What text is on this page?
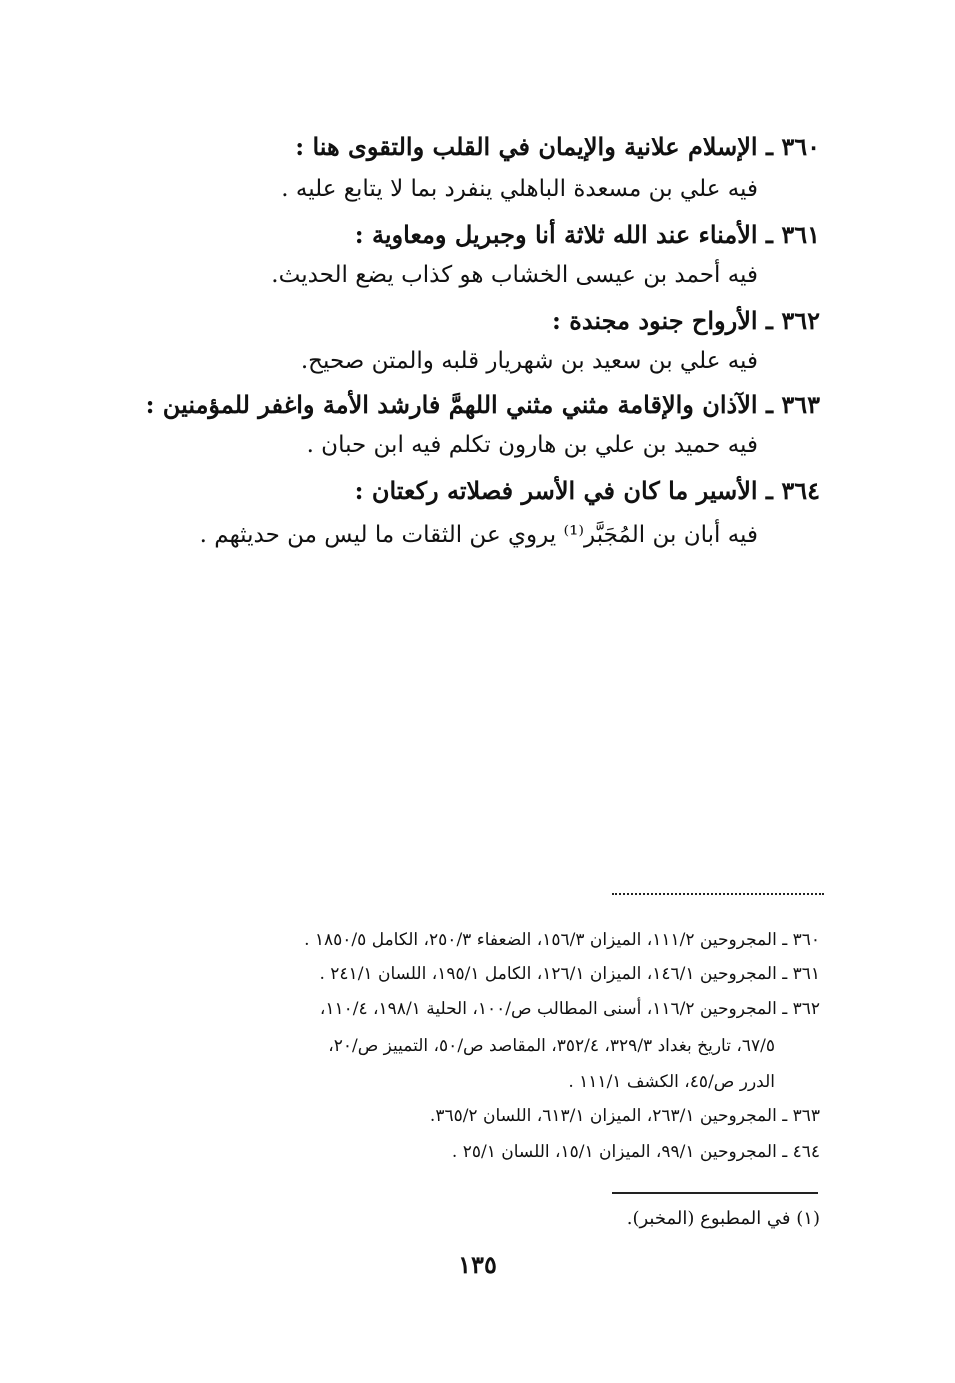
٣٦٠ ـ الإسلام علانية والإيمان في القلب والتقوى هنا :
فيه علي بن مسعدة الباهلي ينفرد بما لا يتابع عليه .
٣٦١ ـ الأمناء عند الله ثلاثة أنا وجبريل ومعاوية :
فيه أحمد بن عيسى الخشاب هو كذاب يضع الحديث.
٣٦٢ ـ الأرواح جنود مجندة :
فيه علي بن سعيد بن شهريار قلبه والمتن صحيح.
٣٦٣ ـ الآذان والإقامة مثني مثني اللهمَّ فارشد الأمة واغفر للمؤمنين :
فيه حميد بن علي بن هارون تكلم فيه ابن حبان .
٣٦٤ ـ الأسير ما كان في الأسر فصلاته ركعتان :
فيه أبان بن المُجَبَّر⁽¹⁾ يروي عن الثقات ما ليس من حديثهم .
٣٦٠ ـ المجروحين ١١١/٢، الميزان ١٥٦/٣، الضعفاء ٢٥٠/٣، الكامل ١٨٥٠/٥ .
٣٦١ ـ المجروحين ١٤٦/١، الميزان ١٢٦/١، الكامل ١٩٥/١، اللسان ٢٤١/١ .
٣٦٢ ـ المجروحين ١١٦/٢، أسنى المطالب ص/١٠٠، الحلية ١٩٨/١، ١١٠/٤،
٦٧/٥، تاريخ بغداد ٣٢٩/٣، ٣٥٢/٤، المقاصد ص/٥٠، التمييز ص/٢٠،
الدرر ص/٤٥، الكشف ١١١/١ .
٣٦٣ ـ المجروحين ٢٦٣/١، الميزان ٦١٣/١، اللسان ٣٦٥/٢.
٤٦٤ ـ المجروحين ٩٩/١، الميزان ١٥/١، اللسان ٢٥/١ .
(١) في المطبوع (المخبر).
١٣٥
